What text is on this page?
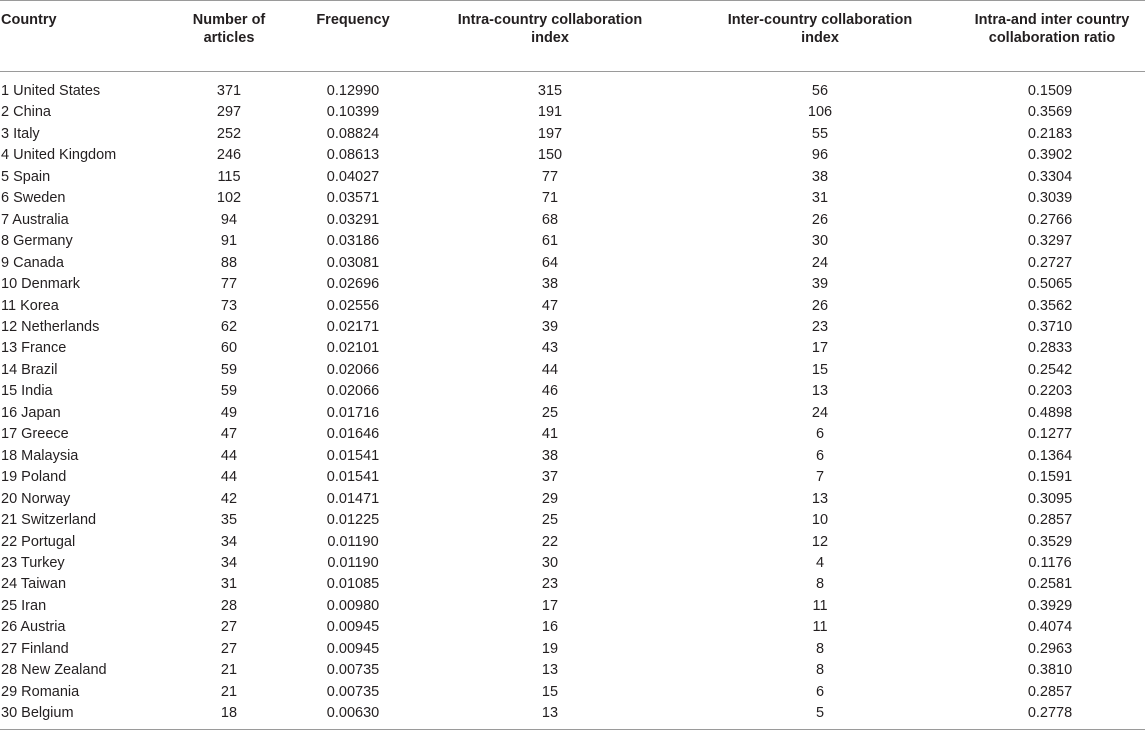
Country	Number of articles	Frequency	Intra-country collaboration index	Inter-country collaboration index	Intra-and inter country collaboration ratio
1 United States	371	0.12990	315	56	0.1509
2 China	297	0.10399	191	106	0.3569
3 Italy	252	0.08824	197	55	0.2183
4 United Kingdom	246	0.08613	150	96	0.3902
5 Spain	115	0.04027	77	38	0.3304
6 Sweden	102	0.03571	71	31	0.3039
7 Australia	94	0.03291	68	26	0.2766
8 Germany	91	0.03186	61	30	0.3297
9 Canada	88	0.03081	64	24	0.2727
10 Denmark	77	0.02696	38	39	0.5065
11 Korea	73	0.02556	47	26	0.3562
12 Netherlands	62	0.02171	39	23	0.3710
13 France	60	0.02101	43	17	0.2833
14 Brazil	59	0.02066	44	15	0.2542
15 India	59	0.02066	46	13	0.2203
16 Japan	49	0.01716	25	24	0.4898
17 Greece	47	0.01646	41	6	0.1277
18 Malaysia	44	0.01541	38	6	0.1364
19 Poland	44	0.01541	37	7	0.1591
20 Norway	42	0.01471	29	13	0.3095
21 Switzerland	35	0.01225	25	10	0.2857
22 Portugal	34	0.01190	22	12	0.3529
23 Turkey	34	0.01190	30	4	0.1176
24 Taiwan	31	0.01085	23	8	0.2581
25 Iran	28	0.00980	17	11	0.3929
26 Austria	27	0.00945	16	11	0.4074
27 Finland	27	0.00945	19	8	0.2963
28 New Zealand	21	0.00735	13	8	0.3810
29 Romania	21	0.00735	15	6	0.2857
30 Belgium	18	0.00630	13	5	0.2778
